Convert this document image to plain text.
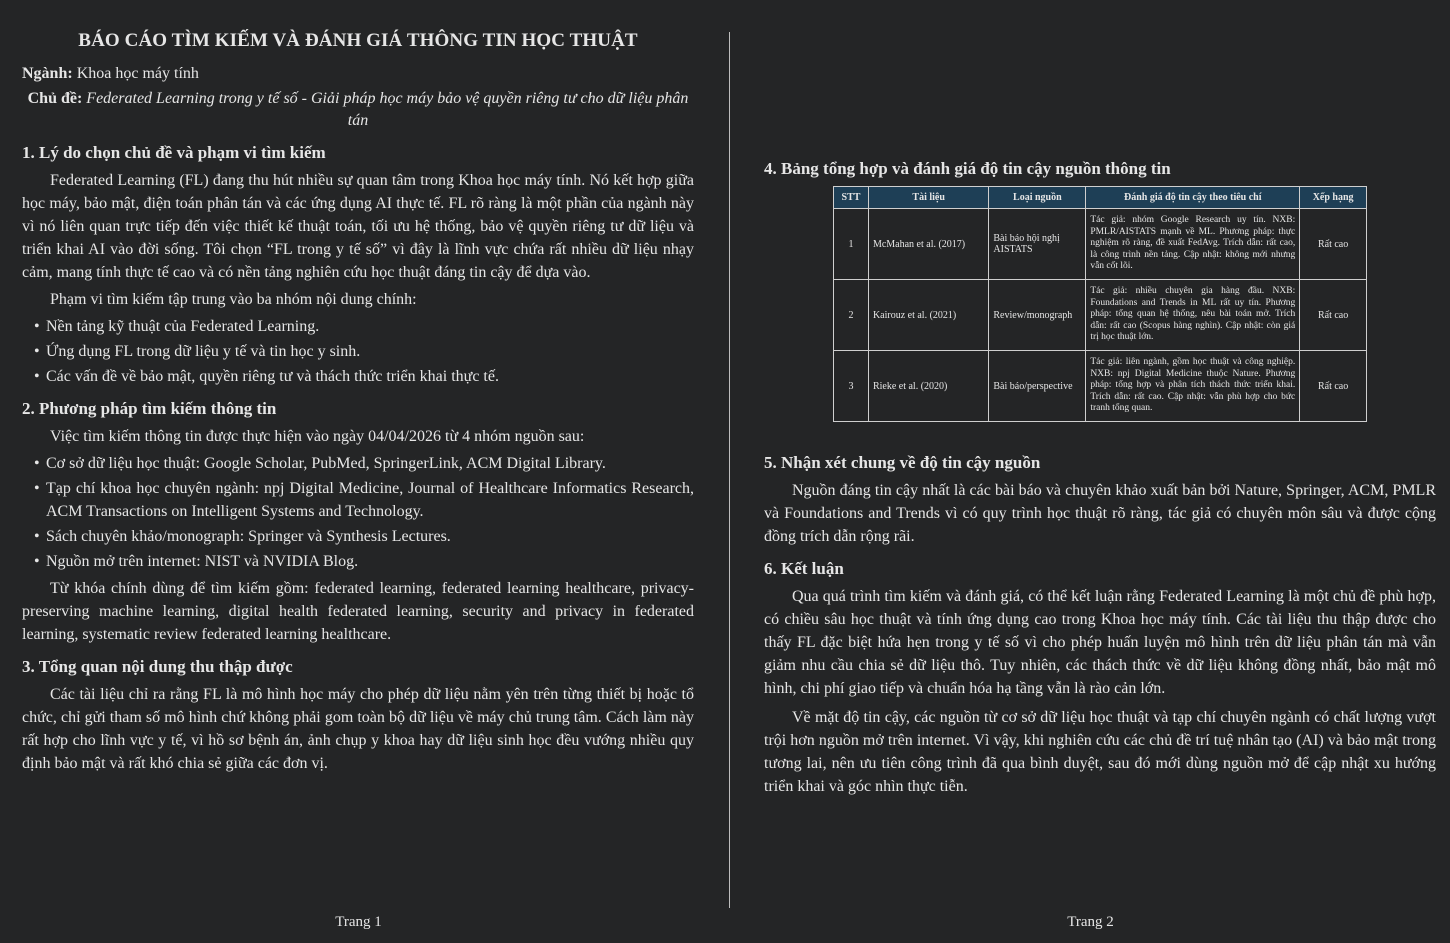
BÁO CÁO TÌM KIẾM VÀ ĐÁNH GIÁ THÔNG TIN HỌC THUẬT
Ngành: Khoa học máy tính
Chủ đề: Federated Learning trong y tế số - Giải pháp học máy bảo vệ quyền riêng tư cho dữ liệu phân tán
1. Lý do chọn chủ đề và phạm vi tìm kiếm

Federated Learning (FL) đang thu hút nhiều sự quan tâm trong Khoa học máy tính. Nó kết hợp giữa học máy, bảo mật, điện toán phân tán và các ứng dụng AI thực tế. FL rõ ràng là một phần của ngành này vì nó liên quan trực tiếp đến việc thiết kế thuật toán, tối ưu hệ thống, bảo vệ quyền riêng tư dữ liệu và triển khai AI vào đời sống. Tôi chọn “FL trong y tế số” vì đây là lĩnh vực chứa rất nhiều dữ liệu nhạy cảm, mang tính thực tế cao và có nền tảng nghiên cứu học thuật đáng tin cậy để dựa vào.

Phạm vi tìm kiếm tập trung vào ba nhóm nội dung chính:

• Nền tảng kỹ thuật của Federated Learning.
• Ứng dụng FL trong dữ liệu y tế và tin học y sinh.
• Các vấn đề về bảo mật, quyền riêng tư và thách thức triển khai thực tế.
2. Phương pháp tìm kiếm thông tin

Việc tìm kiếm thông tin được thực hiện vào ngày 04/04/2026 từ 4 nhóm nguồn sau:

• Cơ sở dữ liệu học thuật: Google Scholar, PubMed, SpringerLink, ACM Digital Library.
• Tạp chí khoa học chuyên ngành: npj Digital Medicine, Journal of Healthcare Informatics Research, ACM Transactions on Intelligent Systems and Technology.
• Sách chuyên khảo/monograph: Springer và Synthesis Lectures.
• Nguồn mở trên internet: NIST và NVIDIA Blog.

Từ khóa chính dùng để tìm kiếm gồm: federated learning, federated learning healthcare, privacy-preserving machine learning, digital health federated learning, security and privacy in federated learning, systematic review federated learning healthcare.

3. Tổng quan nội dung thu thập được

Các tài liệu chỉ ra rằng FL là mô hình học máy cho phép dữ liệu nằm yên trên từng thiết bị hoặc tổ chức, chỉ gửi tham số mô hình chứ không phải gom toàn bộ dữ liệu về máy chủ trung tâm. Cách làm này rất hợp cho lĩnh vực y tế, vì hồ sơ bệnh án, ảnh chụp y khoa hay dữ liệu sinh học đều vướng nhiều quy định bảo mật và rất khó chia sẻ giữa các đơn vị.

Trang 1
4. Bảng tổng hợp và đánh giá độ tin cậy nguồn thông tin
STT	Tài liệu	Loại nguồn	Đánh giá độ tin cậy theo tiêu chí	Xếp hạng
1	McMahan et al. (2017)	Bài báo hội nghị AISTATS	Tác giả: nhóm Google Research uy tín. NXB: PMLR/AISTATS mạnh về ML. Phương pháp: thực nghiệm rõ ràng, đề xuất FedAvg. Trích dẫn: rất cao, là công trình nền tảng. Cập nhật: không mới nhưng vẫn cốt lõi.	Rất cao
2	Kairouz et al. (2021)	Review/monograph	Tác giả: nhiều chuyên gia hàng đầu. NXB: Foundations and Trends in ML rất uy tín. Phương pháp: tổng quan hệ thống, nêu bài toán mở. Trích dẫn: rất cao (Scopus hàng nghìn). Cập nhật: còn giá trị học thuật lớn.	Rất cao
3	Rieke et al. (2020)	Bài báo/perspective	Tác giả: liên ngành, gồm học thuật và công nghiệp. NXB: npj Digital Medicine thuộc Nature. Phương pháp: tổng hợp và phân tích thách thức triển khai. Trích dẫn: rất cao. Cập nhật: vẫn phù hợp cho bức tranh tổng quan.	Rất cao
5. Nhận xét chung về độ tin cậy nguồn

Nguồn đáng tin cậy nhất là các bài báo và chuyên khảo xuất bản bởi Nature, Springer, ACM, PMLR và Foundations and Trends vì có quy trình học thuật rõ ràng, tác giả có chuyên môn sâu và được cộng đồng trích dẫn rộng rãi.

6. Kết luận

Qua quá trình tìm kiếm và đánh giá, có thể kết luận rằng Federated Learning là một chủ đề phù hợp, có chiều sâu học thuật và tính ứng dụng cao trong Khoa học máy tính. Các tài liệu thu thập được cho thấy FL đặc biệt hứa hẹn trong y tế số vì cho phép huấn luyện mô hình trên dữ liệu phân tán mà vẫn giảm nhu cầu chia sẻ dữ liệu thô. Tuy nhiên, các thách thức về dữ liệu không đồng nhất, bảo mật mô hình, chi phí giao tiếp và chuẩn hóa hạ tầng vẫn là rào cản lớn.

Về mặt độ tin cậy, các nguồn từ cơ sở dữ liệu học thuật và tạp chí chuyên ngành có chất lượng vượt trội hơn nguồn mở trên internet. Vì vậy, khi nghiên cứu các chủ đề trí tuệ nhân tạo (AI) và bảo mật trong tương lai, nên ưu tiên công trình đã qua bình duyệt, sau đó mới dùng nguồn mở để cập nhật xu hướng triển khai và góc nhìn thực tiễn.

Trang 2
